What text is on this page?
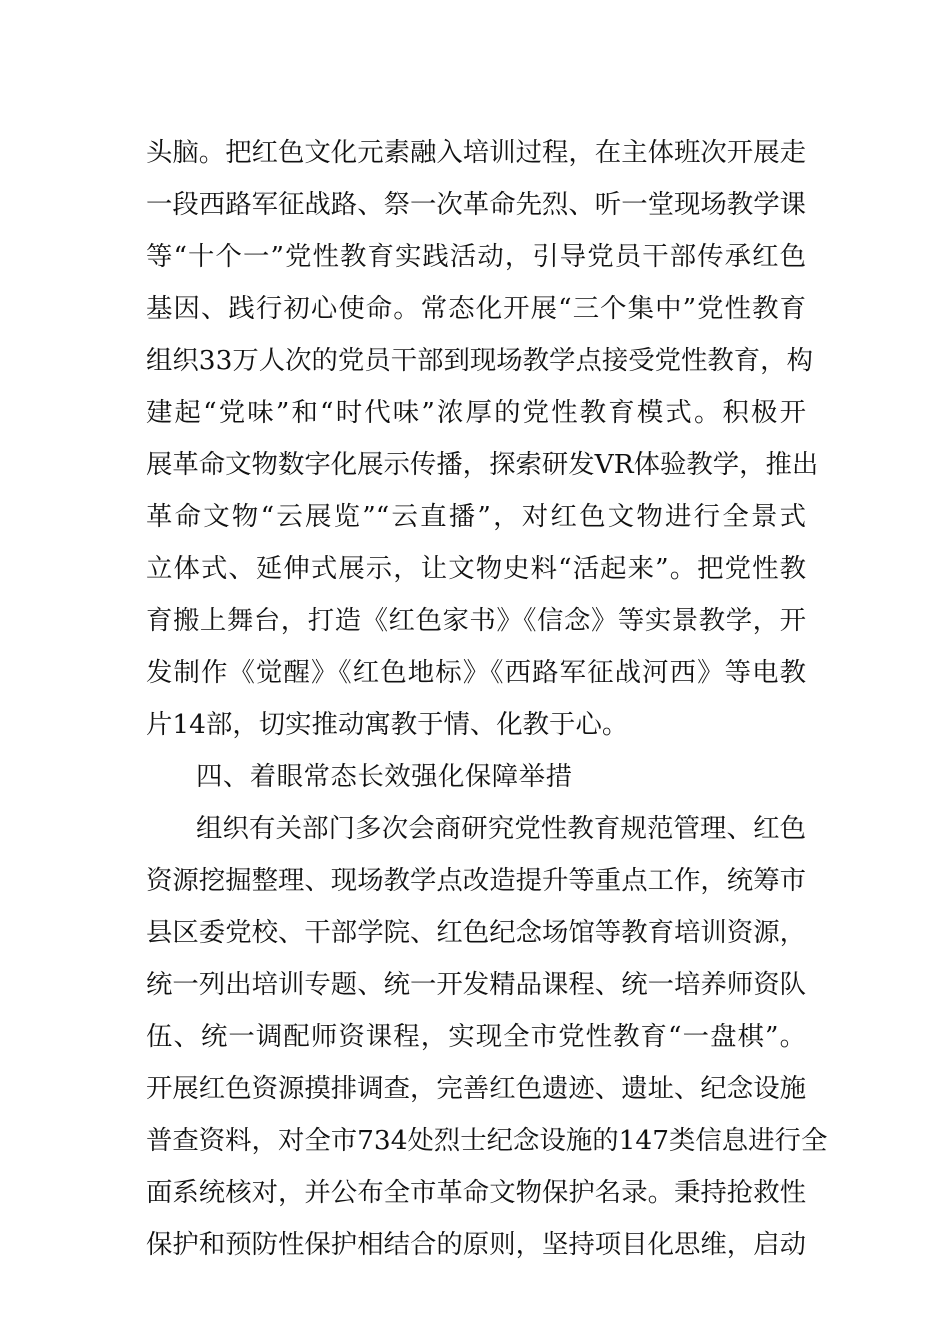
头脑。把红色文化元素融入培训过程，在主体班次开展走
一段西路军征战路、祭一次革命先烈、听一堂现场教学课
等“十个一”党性教育实践活动，引导党员干部传承红色
基因、践行初心使命。常态化开展“三个集中”党性教育
组织33万人次的党员干部到现场教学点接受党性教育，构
建起“党味”和“时代味”浓厚的党性教育模式。积极开
展革命文物数字化展示传播，探索研发VR体验教学，推出
革命文物“云展览”“云直播”，对红色文物进行全景式
立体式、延伸式展示，让文物史料“活起来”。把党性教
育搬上舞台，打造《红色家书》《信念》等实景教学，开
发制作《觉醒》《红色地标》《西路军征战河西》等电教
片14部，切实推动寓教于情、化教于心。
四、着眼常态长效强化保障举措
组织有关部门多次会商研究党性教育规范管理、红色
资源挖掘整理、现场教学点改造提升等重点工作，统筹市
县区委党校、干部学院、红色纪念场馆等教育培训资源，
统一列出培训专题、统一开发精品课程、统一培养师资队
伍、统一调配师资课程，实现全市党性教育“一盘棋”。
开展红色资源摸排调查，完善红色遗迹、遗址、纪念设施
普查资料，对全市734处烈士纪念设施的147类信息进行全
面系统核对，并公布全市革命文物保护名录。秉持抢救性
保护和预防性保护相结合的原则，坚持项目化思维，启动
